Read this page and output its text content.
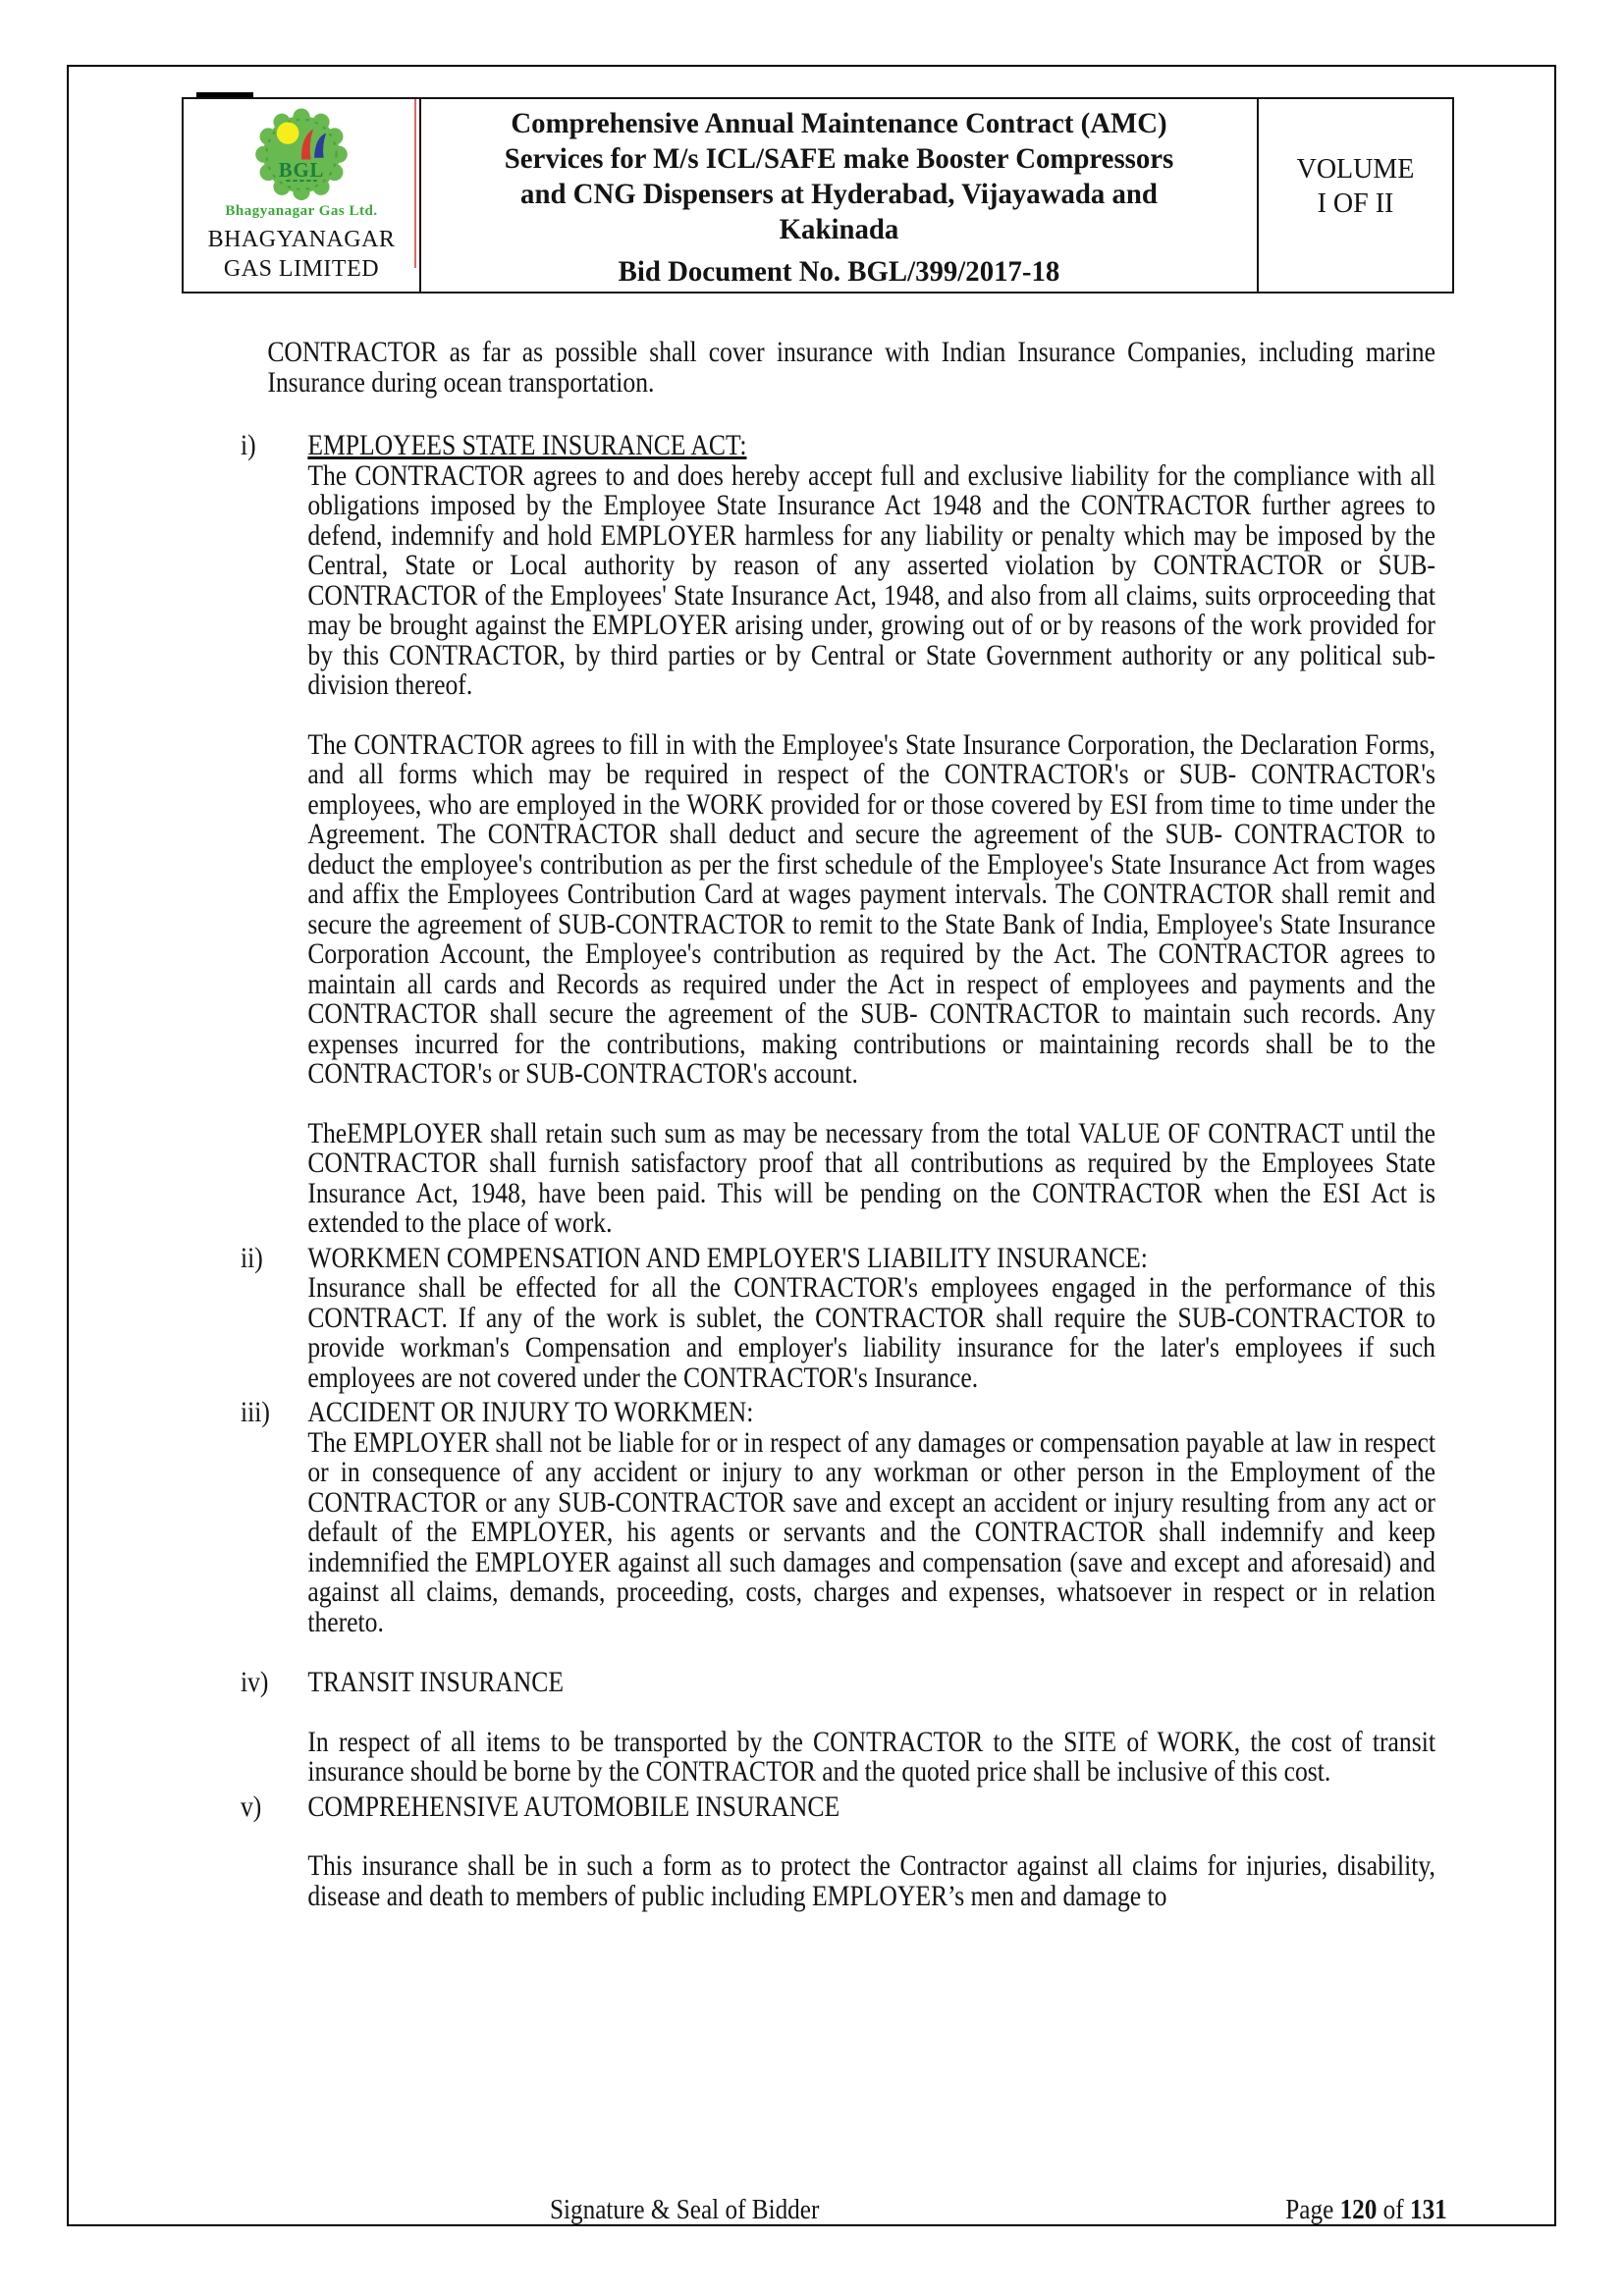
BGL
Bhagyanagar Gas Ltd.
BHAGYANAGAR
GAS LIMITED
Comprehensive Annual Maintenance Contract (AMC)
Services for M/s ICL/SAFE make Booster Compressors
and CNG Dispensers at Hyderabad, Vijayawada and
Kakinada
Bid Document No. BGL/399/2017-18
VOLUME
I OF II

CONTRACTOR as far as possible shall cover insurance with Indian Insurance Companies, including marine Insurance during ocean transportation.

i)	EMPLOYEES STATE INSURANCE ACT:

The CONTRACTOR agrees to and does hereby accept full and exclusive liability for the compliance with all obligations imposed by the Employee State Insurance Act 1948 and the CONTRACTOR further agrees to defend, indemnify and hold EMPLOYER harmless for any liability or penalty which may be imposed by the Central, State or Local authority by reason of any asserted violation by CONTRACTOR or SUB-CONTRACTOR of the Employees' State Insurance Act, 1948, and also from all claims, suits orproceeding that may be brought against the EMPLOYER arising under, growing out of or by reasons of the work provided for by this CONTRACTOR, by third parties or by Central or State Government authority or any political sub-division thereof.

The CONTRACTOR agrees to fill in with the Employee's State Insurance Corporation, the Declaration Forms, and all forms which may be required in respect of the CONTRACTOR's or SUB- CONTRACTOR's employees, who are employed in the WORK provided for or those covered by ESI from time to time under the Agreement. The CONTRACTOR shall deduct and secure the agreement of the SUB- CONTRACTOR to deduct the employee's contribution as per the first schedule of the Employee's State Insurance Act from wages and affix the Employees Contribution Card at wages payment intervals. The CONTRACTOR shall remit and secure the agreement of SUB-CONTRACTOR to remit to the State Bank of India, Employee's State Insurance Corporation Account, the Employee's contribution as required by the Act. The CONTRACTOR agrees to maintain all cards and Records as required under the Act in respect of employees and payments and the CONTRACTOR shall secure the agreement of the SUB- CONTRACTOR to maintain such records. Any expenses incurred for the contributions, making contributions or maintaining records shall be to the CONTRACTOR's or SUB-CONTRACTOR's account.

TheEMPLOYER shall retain such sum as may be necessary from the total VALUE OF CONTRACT until the CONTRACTOR shall furnish satisfactory proof that all contributions as required by the Employees State Insurance Act, 1948, have been paid. This will be pending on the CONTRACTOR when the ESI Act is extended to the place of work.

ii)	WORKMEN COMPENSATION AND EMPLOYER'S LIABILITY INSURANCE:

Insurance shall be effected for all the CONTRACTOR's employees engaged in the performance of this CONTRACT. If any of the work is sublet, the CONTRACTOR shall require the SUB-CONTRACTOR to provide workman's Compensation and employer's liability insurance for the later's employees if such employees are not covered under the CONTRACTOR's Insurance.

iii)	ACCIDENT OR INJURY TO WORKMEN:

The EMPLOYER shall not be liable for or in respect of any damages or compensation payable at law in respect or in consequence of any accident or injury to any workman or other person in the Employment of the CONTRACTOR or any SUB-CONTRACTOR save and except an accident or injury resulting from any act or default of the EMPLOYER, his agents or servants and the CONTRACTOR shall indemnify and keep indemnified the EMPLOYER against all such damages and compensation (save and except and aforesaid) and against all claims, demands, proceeding, costs, charges and expenses, whatsoever in respect or in relation thereto.

iv)	TRANSIT INSURANCE

In respect of all items to be transported by the CONTRACTOR to the SITE of WORK, the cost of transit insurance should be borne by the CONTRACTOR and the quoted price shall be inclusive of this cost.

v)	COMPREHENSIVE AUTOMOBILE INSURANCE

This insurance shall be in such a form as to protect the Contractor against all claims for injuries, disability, disease and death to members of public including EMPLOYER’s men and damage to

Signature & Seal of Bidder	Page 120 of 131
